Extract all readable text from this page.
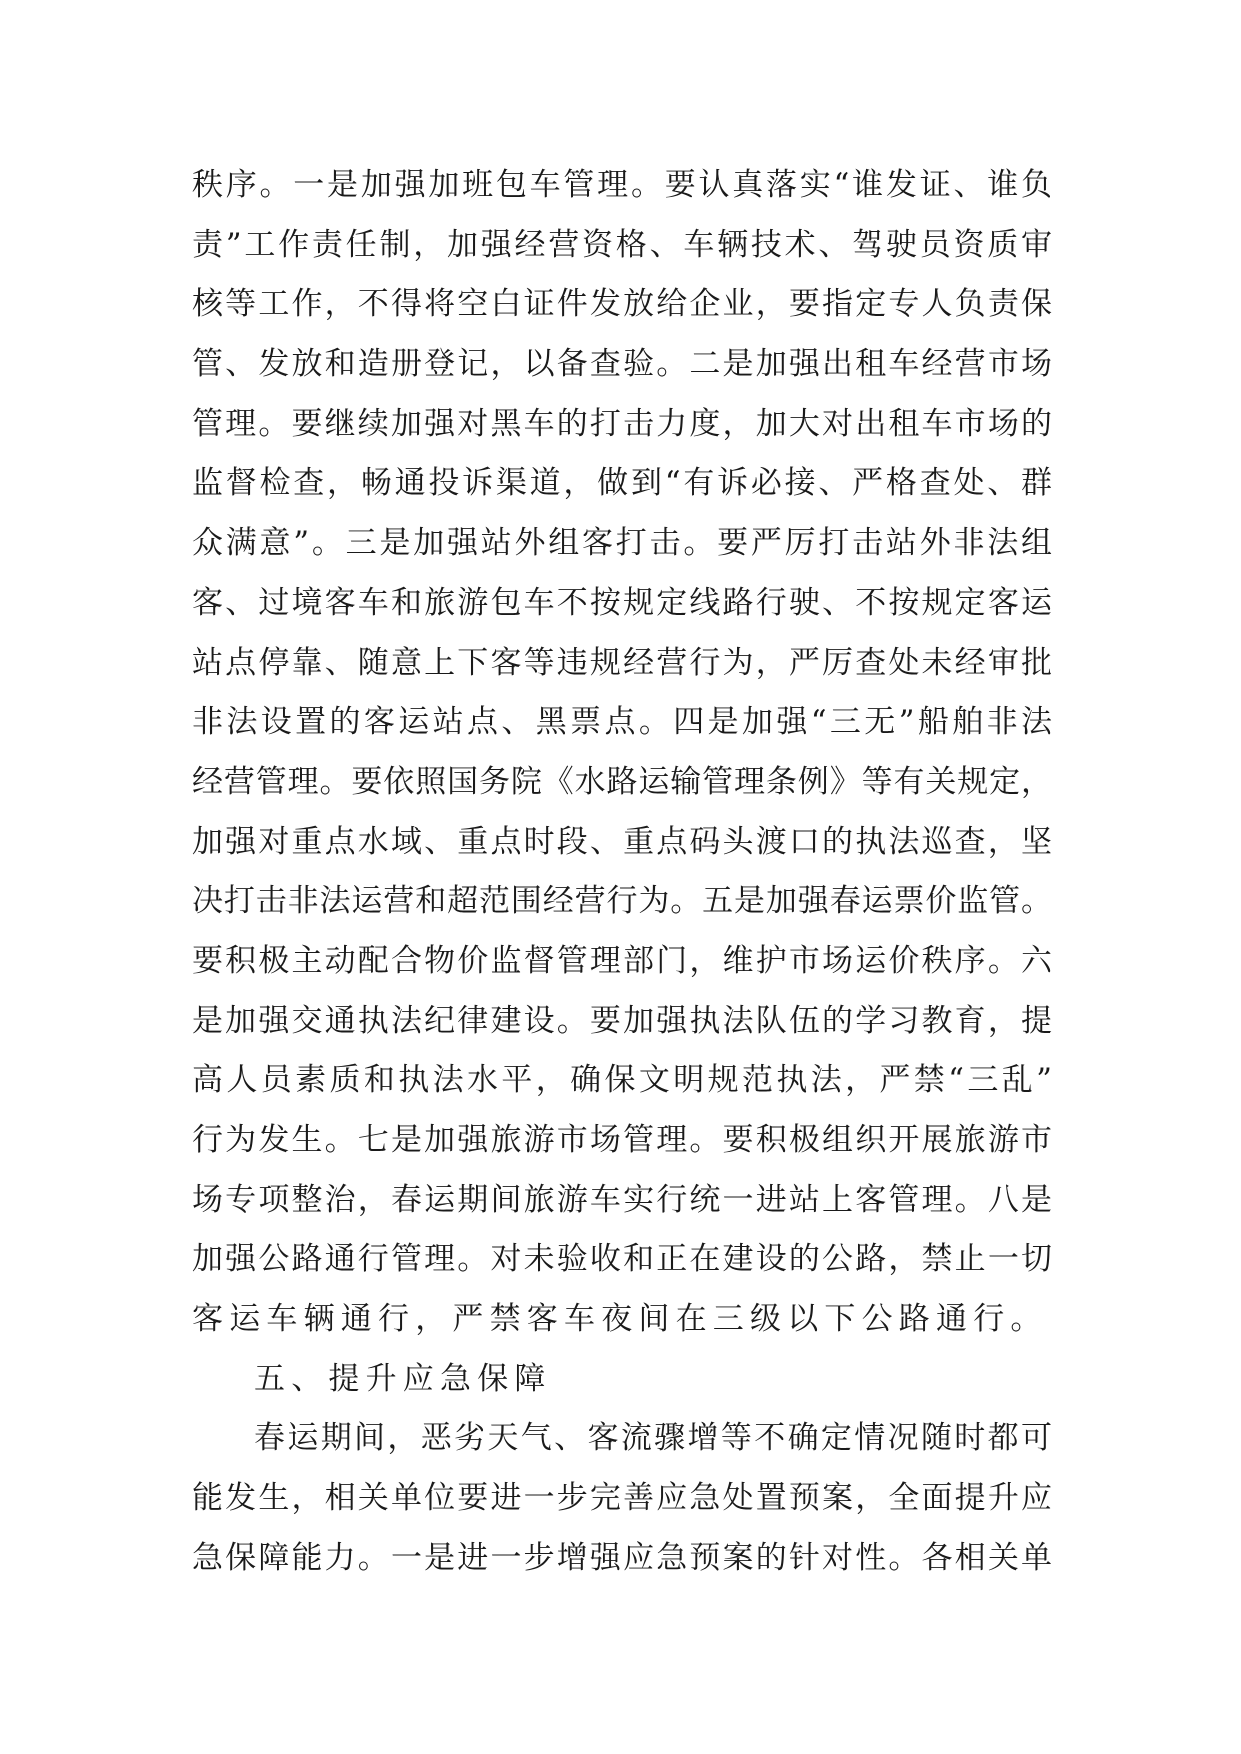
秩序。一是加强加班包车管理。要认真落实“谁发证、谁负
责”工作责任制，加强经营资格、车辆技术、驾驶员资质审
核等工作，不得将空白证件发放给企业，要指定专人负责保
管、发放和造册登记，以备查验。二是加强出租车经营市场
管理。要继续加强对黑车的打击力度，加大对出租车市场的
监督检查，畅通投诉渠道，做到“有诉必接、严格查处、群
众满意”。三是加强站外组客打击。要严厉打击站外非法组
客、过境客车和旅游包车不按规定线路行驶、不按规定客运
站点停靠、随意上下客等违规经营行为，严厉查处未经审批
非法设置的客运站点、黑票点。四是加强“三无”船舶非法
经营管理。要依照国务院《水路运输管理条例》等有关规定，
加强对重点水域、重点时段、重点码头渡口的执法巡查，坚
决打击非法运营和超范围经营行为。五是加强春运票价监管。
要积极主动配合物价监督管理部门，维护市场运价秩序。六
是加强交通执法纪律建设。要加强执法队伍的学习教育，提
高人员素质和执法水平，确保文明规范执法，严禁“三乱”
行为发生。七是加强旅游市场管理。要积极组织开展旅游市
场专项整治，春运期间旅游车实行统一进站上客管理。八是
加强公路通行管理。对未验收和正在建设的公路，禁止一切
客运车辆通行，严禁客车夜间在三级以下公路通行。
五、提升应急保障
春运期间，恶劣天气、客流骤增等不确定情况随时都可
能发生，相关单位要进一步完善应急处置预案，全面提升应
急保障能力。一是进一步增强应急预案的针对性。各相关单
